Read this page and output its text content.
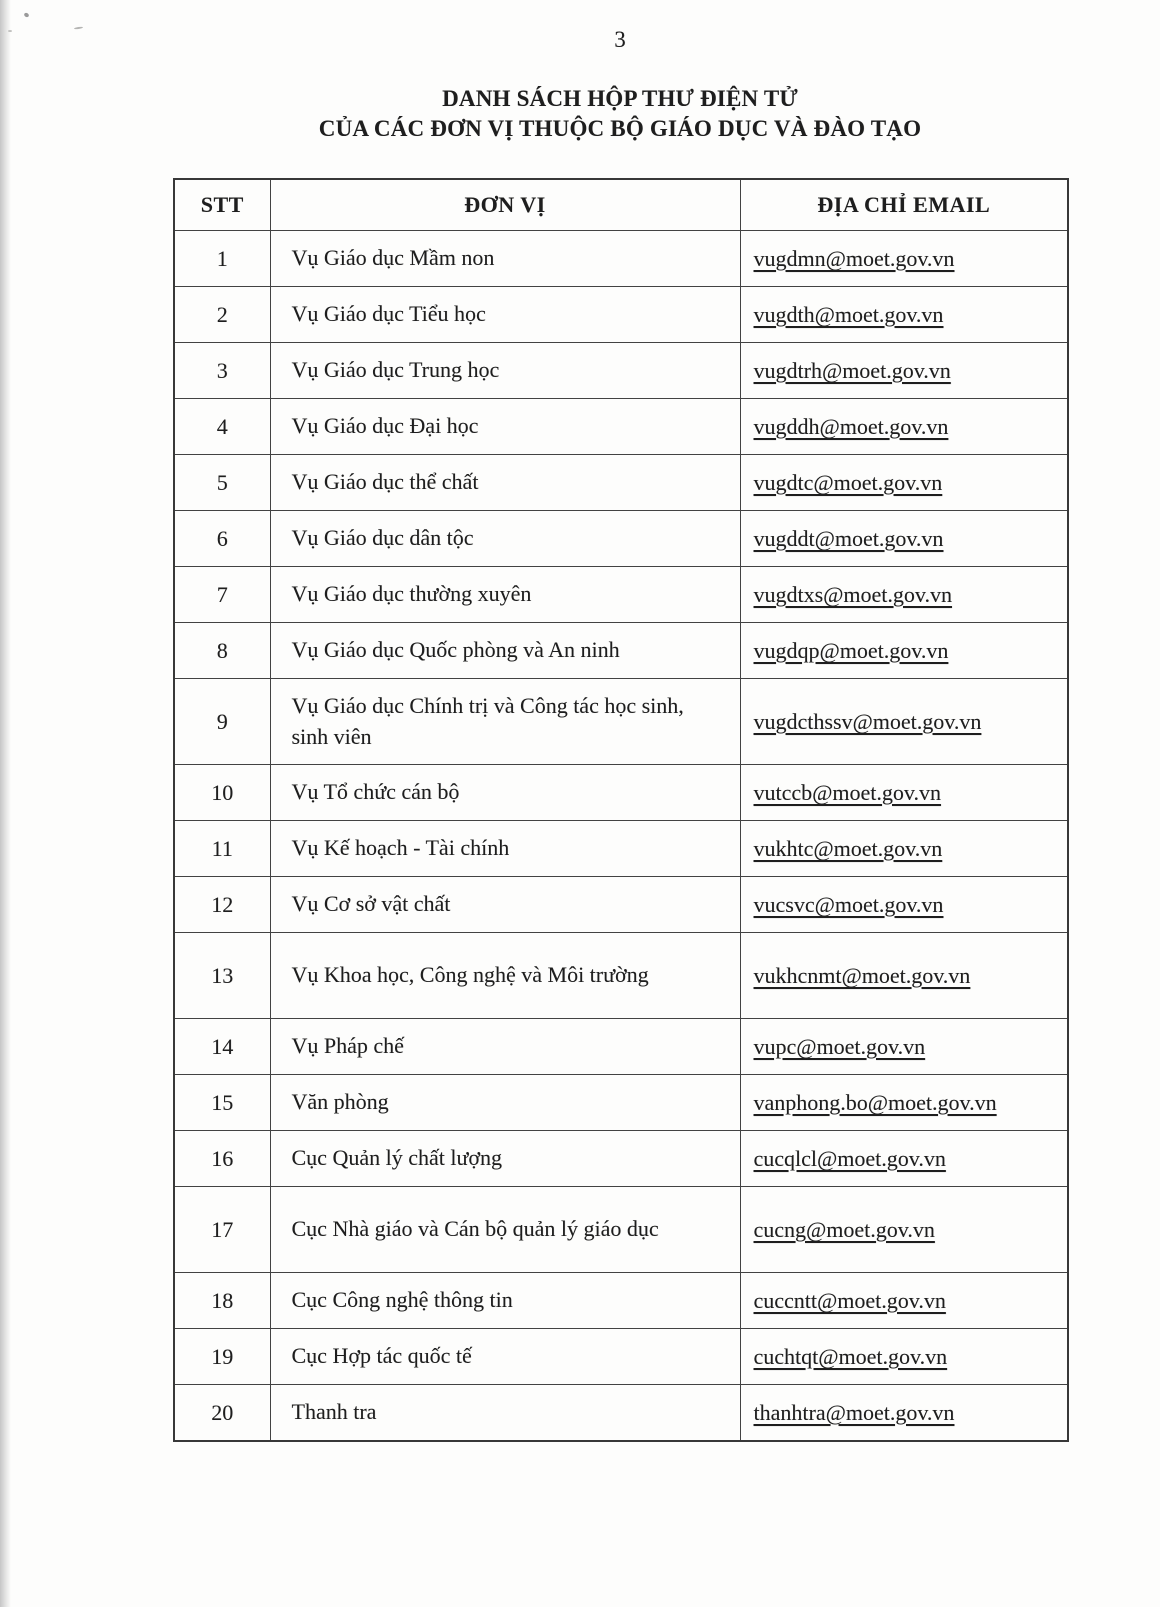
3
DANH SÁCH HỘP THƯ ĐIỆN TỬ
CỦA CÁC ĐƠN VỊ THUỘC BỘ GIÁO DỤC VÀ ĐÀO TẠO
STT	ĐƠN VỊ	ĐỊA CHỈ EMAIL
1	Vụ Giáo dục Mầm non	vugdmn@moet.gov.vn
2	Vụ Giáo dục Tiểu học	vugdth@moet.gov.vn
3	Vụ Giáo dục Trung học	vugdtrh@moet.gov.vn
4	Vụ Giáo dục Đại học	vugddh@moet.gov.vn
5	Vụ Giáo dục thể chất	vugdtc@moet.gov.vn
6	Vụ Giáo dục dân tộc	vugddt@moet.gov.vn
7	Vụ Giáo dục thường xuyên	vugdtxs@moet.gov.vn
8	Vụ Giáo dục Quốc phòng và An ninh	vugdqp@moet.gov.vn
9	Vụ Giáo dục Chính trị và Công tác học sinh, sinh viên	vugdcthssv@moet.gov.vn
10	Vụ Tổ chức cán bộ	vutccb@moet.gov.vn
11	Vụ Kế hoạch - Tài chính	vukhtc@moet.gov.vn
12	Vụ Cơ sở vật chất	vucsvc@moet.gov.vn
13	Vụ Khoa học, Công nghệ và Môi trường	vukhcnmt@moet.gov.vn
14	Vụ Pháp chế	vupc@moet.gov.vn
15	Văn phòng	vanphong.bo@moet.gov.vn
16	Cục Quản lý chất lượng	cucqlcl@moet.gov.vn
17	Cục Nhà giáo và Cán bộ quản lý giáo dục	cucng@moet.gov.vn
18	Cục Công nghệ thông tin	cuccntt@moet.gov.vn
19	Cục Hợp tác quốc tế	cuchtqt@moet.gov.vn
20	Thanh tra	thanhtra@moet.gov.vn
